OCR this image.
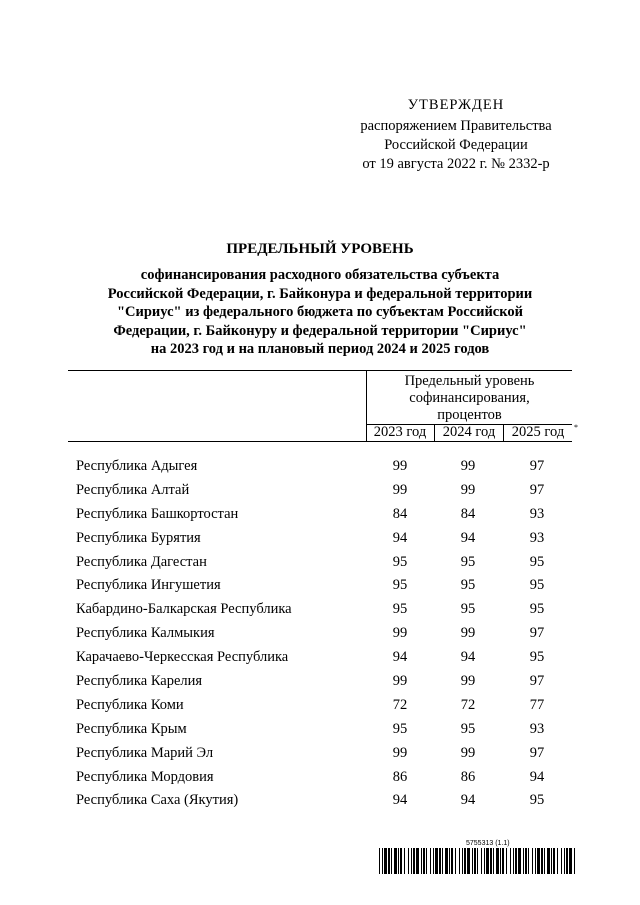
УТВЕРЖДЕН
распоряжением Правительства
Российской Федерации
от 19 августа 2022 г. № 2332-р
ПРЕДЕЛЬНЫЙ УРОВЕНЬ
софинансирования расходного обязательства субъекта
Российской Федерации, г. Байконура и федеральной территории
"Сириус" из федерального бюджета по субъектам Российской
Федерации, г. Байконуру и федеральной территории "Сириус"
на 2023 год и на плановый период 2024 и 2025 годов
Предельный уровень
софинансирования,
процентов
2023 год	2024 год	2025 год *
Республика Адыгея	99	99	97
Республика Алтай	99	99	97
Республика Башкортостан	84	84	93
Республика Бурятия	94	94	93
Республика Дагестан	95	95	95
Республика Ингушетия	95	95	95
Кабардино-Балкарская Республика	95	95	95
Республика Калмыкия	99	99	97
Карачаево-Черкесская Республика	94	94	95
Республика Карелия	99	99	97
Республика Коми	72	72	77
Республика Крым	95	95	93
Республика Марий Эл	99	99	97
Республика Мордовия	86	86	94
Республика Саха (Якутия)	94	94	95
5755313 (1.1)
